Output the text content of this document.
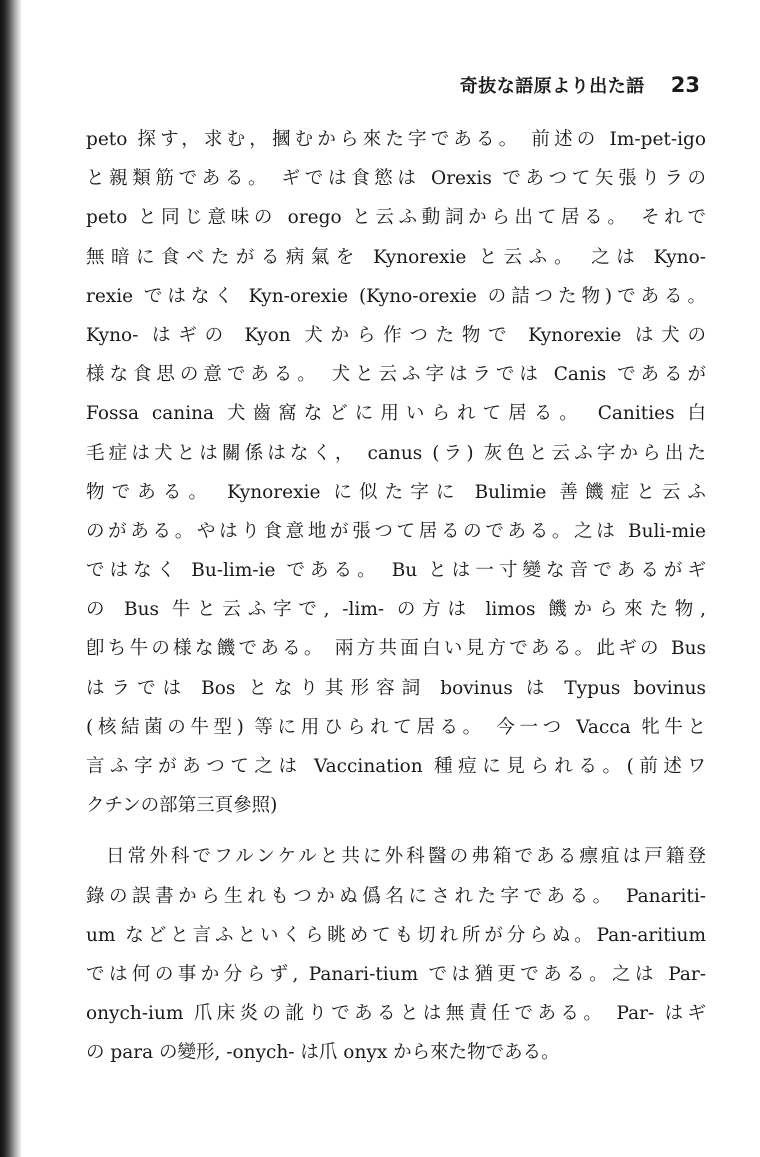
奇抜な語原より出た語 23
peto 探す，求む，摑むから來た字である。 前述の Im-pet-igo
と親類筋である。 ギでは食慾は Orexis であつて矢張りラの
peto と同じ意味の orego と云ふ動詞から出て居る。 それで
無暗に食べたがる病氣を Kynorexie と云ふ。 之は Kyno-
rexie ではなく Kyn-orexie (Kyno-orexie の詰つた物)である。
Kyno- はギの Kyon 犬から作つた物で Kynorexie は犬の
様な食思の意である。 犬と云ふ字はラでは Canis であるが
Fossa canina 犬齒窩などに用いられて居る。 Canities 白
毛症は犬とは關係はなく， canus (ラ) 灰色と云ふ字から出た
物である。 Kynorexie に似た字に Bulimie 善饑症と云ふ
のがある。やはり食意地が張つて居るのである。之は Buli-mie
ではなく Bu-lim-ie である。 Bu とは一寸變な音であるがギ
の Bus 牛と云ふ字で, -lim- の方は limos 饑から來た物,
卽ち牛の様な饑である。 兩方共面白い見方である。此ギの Bus
はラでは Bos となり其形容詞 bovinus は Typus bovinus
(核結菌の牛型) 等に用ひられて居る。 今一つ Vacca 牝牛と
言ふ字があつて之は Vaccination 種痘に見られる。(前述ワ
クチンの部第三頁參照)
日常外科でフルンケルと共に外科醫の弗箱である瘭疽は戸籍登
錄の誤書から生れもつかぬ僞名にされた字である。 Panariti-
um などと言ふといくら眺めても切れ所が分らぬ。Pan-aritium
では何の事か分らず, Panari-tium では猶更である。之は Par-
onych-ium 爪床炎の訛りであるとは無責任である。 Par- はギ
の para の變形, -onych- は爪 onyx から來た物である。
